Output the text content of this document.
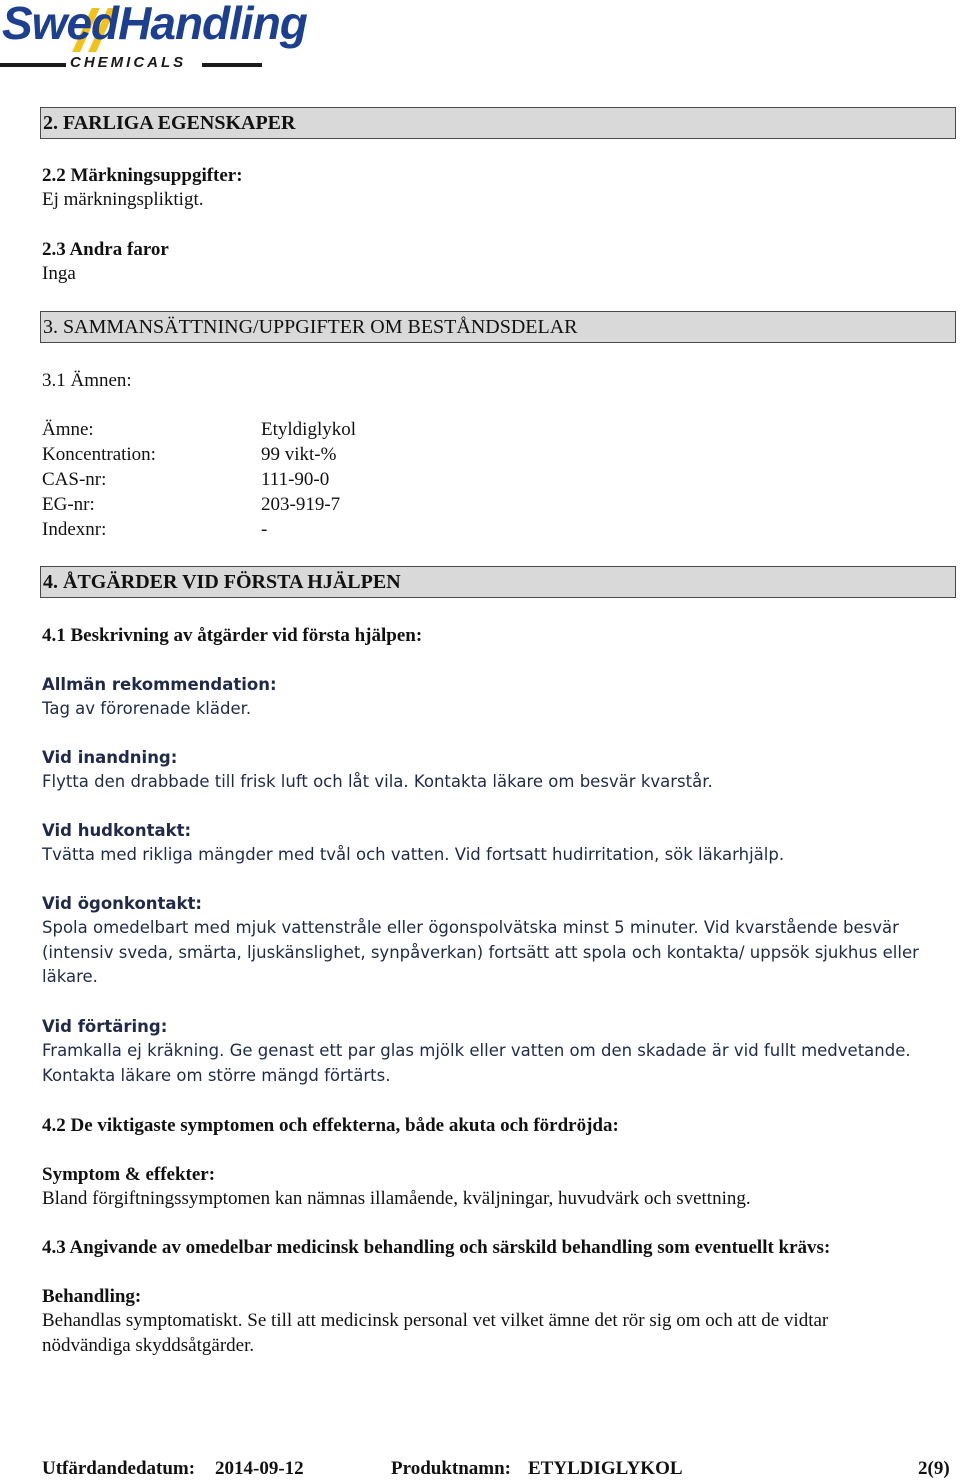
SwedHandling
CHEMICALS
2. FARLIGA EGENSKAPER
2.2 Märkningsuppgifter:
Ej märkningspliktigt.
2.3 Andra faror
Inga
3. SAMMANSÄTTNING/UPPGIFTER OM BESTÅNDSDELAR
3.1 Ämnen:
Ämne:	Etyldiglykol
Koncentration:	99 vikt-%
CAS-nr:	111-90-0
EG-nr:	203-919-7
Indexnr:	-
4. ÅTGÄRDER VID FÖRSTA HJÄLPEN
4.1 Beskrivning av åtgärder vid första hjälpen:
Allmän rekommendation:
Tag av förorenade kläder.
Vid inandning:
Flytta den drabbade till frisk luft och låt vila. Kontakta läkare om besvär kvarstår.
Vid hudkontakt:
Tvätta med rikliga mängder med tvål och vatten. Vid fortsatt hudirritation, sök läkarhjälp.
Vid ögonkontakt:
Spola omedelbart med mjuk vattenstråle eller ögonspolvätska minst 5 minuter. Vid kvarstående besvär
(intensiv sveda, smärta, ljuskänslighet, synpåverkan) fortsätt att spola och kontakta/ uppsök sjukhus eller
läkare.
Vid förtäring:
Framkalla ej kräkning. Ge genast ett par glas mjölk eller vatten om den skadade är vid fullt medvetande.
Kontakta läkare om större mängd förtärts.
4.2 De viktigaste symptomen och effekterna, både akuta och fördröjda:
Symptom & effekter:
Bland förgiftningssymptomen kan nämnas illamående, kväljningar, huvudvärk och svettning.
4.3 Angivande av omedelbar medicinsk behandling och särskild behandling som eventuellt krävs:
Behandling:
Behandlas symptomatiskt. Se till att medicinsk personal vet vilket ämne det rör sig om och att de vidtar
nödvändiga skyddsåtgärder.
Utfärdandedatum: 2014-09-12	Produktnamn: ETYLDIGLYKOL	2(9)
